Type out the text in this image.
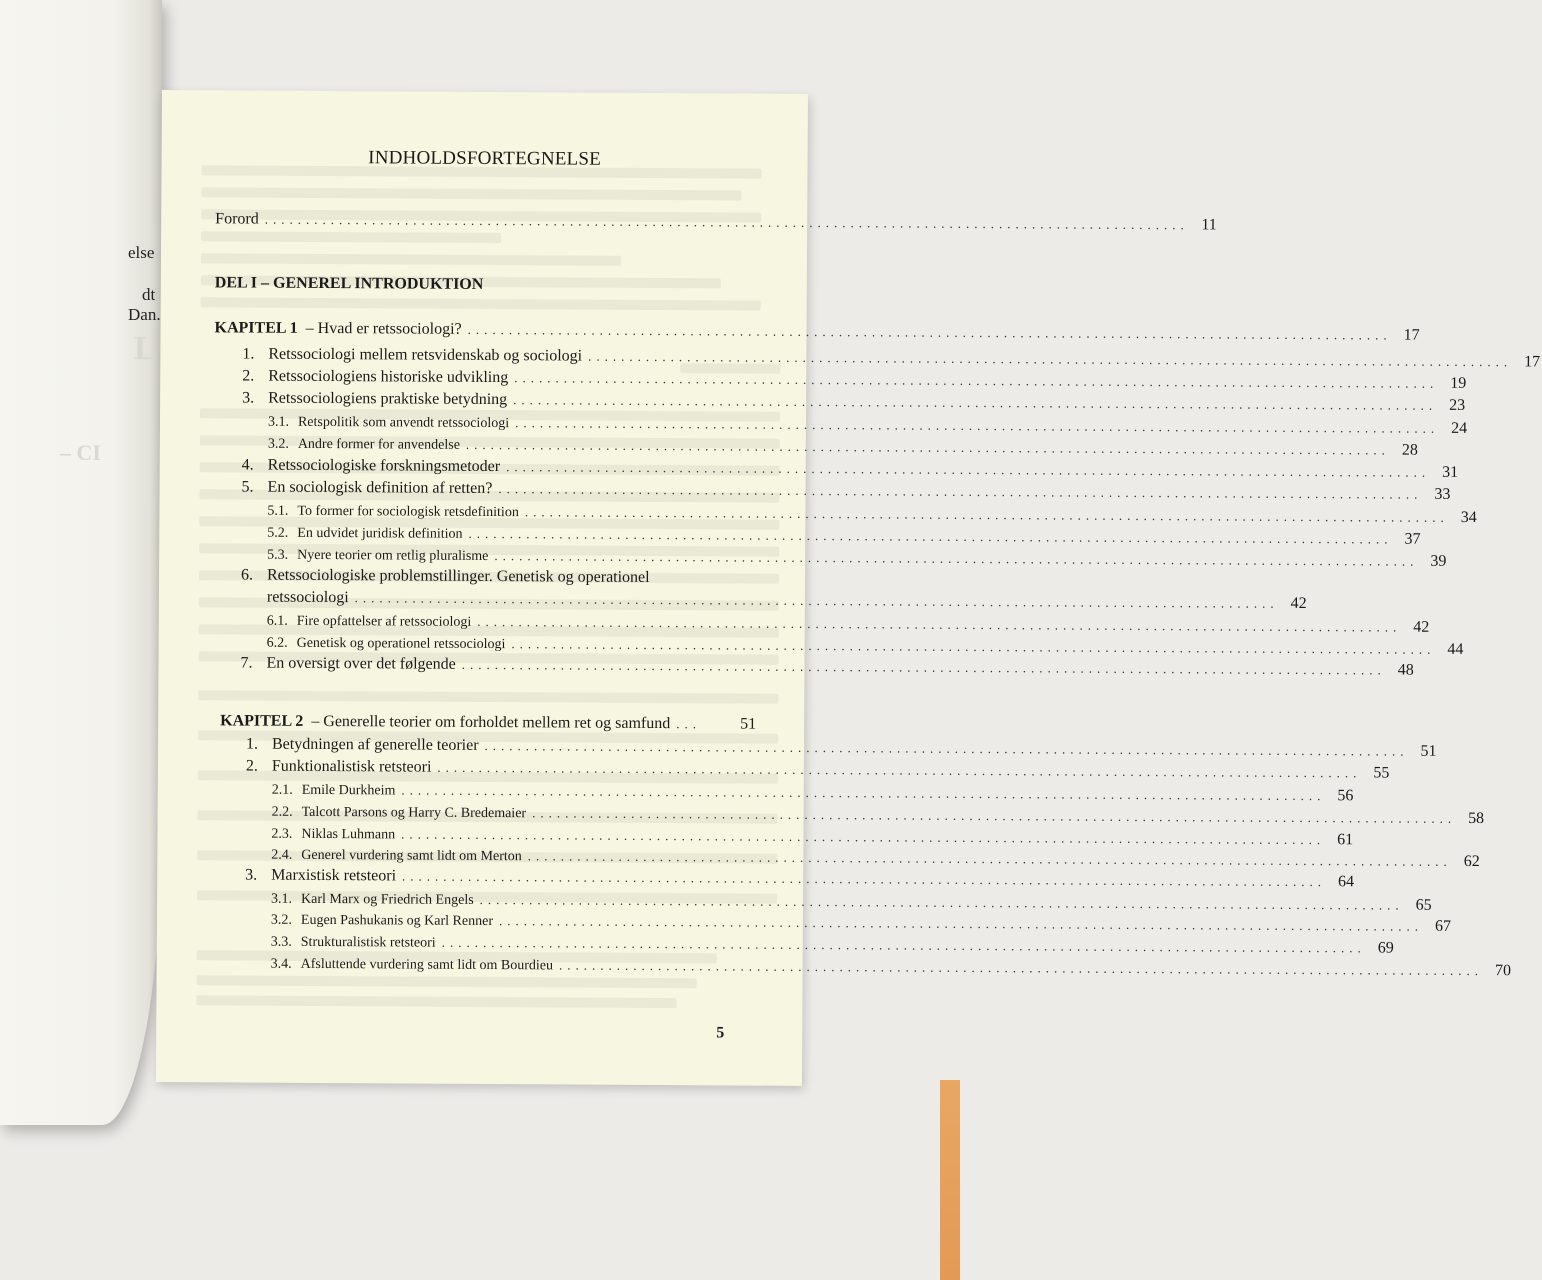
else
dt
Dan.
L
– CI
INDHOLDSFORTEGNELSE
Forord ................................................................................................................ 11
DEL I – GENEREL INTRODUKTION
KAPITEL 1 – Hvad er retssociologi? ................................................................................................................ 17
1. Retssociologi mellem retsvidenskab og sociologi ................................................................................................................ 17
2. Retssociologiens historiske udvikling ................................................................................................................ 19
3. Retssociologiens praktiske betydning ................................................................................................................ 23
3.1. Retspolitik som anvendt retssociologi ................................................................................................................ 24
3.2. Andre former for anvendelse ................................................................................................................ 28
4. Retssociologiske forskningsmetoder ................................................................................................................ 31
5. En sociologisk definition af retten? ................................................................................................................ 33
5.1. To former for sociologisk retsdefinition ................................................................................................................ 34
5.2. En udvidet juridisk definition ................................................................................................................ 37
5.3. Nyere teorier om retlig pluralisme ................................................................................................................ 39
6. Retssociologiske problemstillinger. Genetisk og operationel
retssociologi ................................................................................................................ 42
6.1. Fire opfattelser af retssociologi ................................................................................................................ 42
6.2. Genetisk og operationel retssociologi ................................................................................................................ 44
7. En oversigt over det følgende ................................................................................................................ 48
KAPITEL 2 – Generelle teorier om forholdet mellem ret og samfund ...	51
1. Betydningen af generelle teorier ................................................................................................................ 51
2. Funktionalistisk retsteori ................................................................................................................ 55
2.1. Emile Durkheim ................................................................................................................ 56
2.2. Talcott Parsons og Harry C. Bredemaier ................................................................................................................ 58
2.3. Niklas Luhmann ................................................................................................................ 61
2.4. Generel vurdering samt lidt om Merton ................................................................................................................ 62
3. Marxistisk retsteori ................................................................................................................ 64
3.1. Karl Marx og Friedrich Engels ................................................................................................................ 65
3.2. Eugen Pashukanis og Karl Renner ................................................................................................................ 67
3.3. Strukturalistisk retsteori ................................................................................................................ 69
3.4. Afsluttende vurdering samt lidt om Bourdieu ................................................................................................................ 70
5
